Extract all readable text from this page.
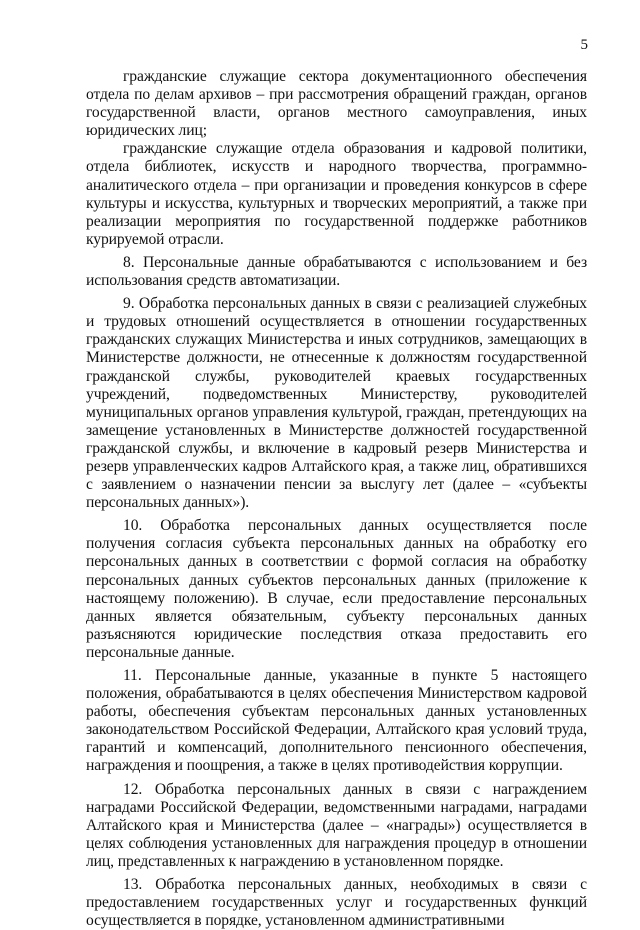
5

гражданские служащие сектора документационного обеспечения отдела по делам архивов – при рассмотрения обращений граждан, органов государственной власти, органов местного самоуправления, иных юридических лиц;

гражданские служащие отдела образования и кадровой политики, отдела библиотек, искусств и народного творчества, программно-аналитического отдела – при организации и проведения конкурсов в сфере культуры и искусства, культурных и творческих мероприятий, а также при реализации мероприятия по государственной поддержке работников курируемой отрасли.

8. Персональные данные обрабатываются с использованием и без использования средств автоматизации.

9. Обработка персональных данных в связи с реализацией служебных и трудовых отношений осуществляется в отношении государственных гражданских служащих Министерства и иных сотрудников, замещающих в Министерстве должности, не отнесенные к должностям государственной гражданской службы, руководителей краевых государственных учреждений, подведомственных Министерству, руководителей муниципальных органов управления культурой, граждан, претендующих на замещение установленных в Министерстве должностей государственной гражданской службы, и включение в кадровый резерв Министерства и резерв управленческих кадров Алтайского края, а также лиц, обратившихся с заявлением о назначении пенсии за выслугу лет (далее – «субъекты персональных данных»).

10. Обработка персональных данных осуществляется после получения согласия субъекта персональных данных на обработку его персональных данных в соответствии с формой согласия на обработку персональных данных субъектов персональных данных (приложение к настоящему положению). В случае, если предоставление персональных данных является обязательным, субъекту персональных данных разъясняются юридические последствия отказа предоставить его персональные данные.

11. Персональные данные, указанные в пункте 5 настоящего положения, обрабатываются в целях обеспечения Министерством кадровой работы, обеспечения субъектам персональных данных установленных законодательством Российской Федерации, Алтайского края условий труда, гарантий и компенсаций, дополнительного пенсионного обеспечения, награждения и поощрения, а также в целях противодействия коррупции.

12. Обработка персональных данных в связи с награждением наградами Российской Федерации, ведомственными наградами, наградами Алтайского края и Министерства (далее – «награды») осуществляется в целях соблюдения установленных для награждения процедур в отношении лиц, представленных к награждению в установленном порядке.

13. Обработка персональных данных, необходимых в связи с предоставлением государственных услуг и государственных функций осуществляется в порядке, установленном административными
